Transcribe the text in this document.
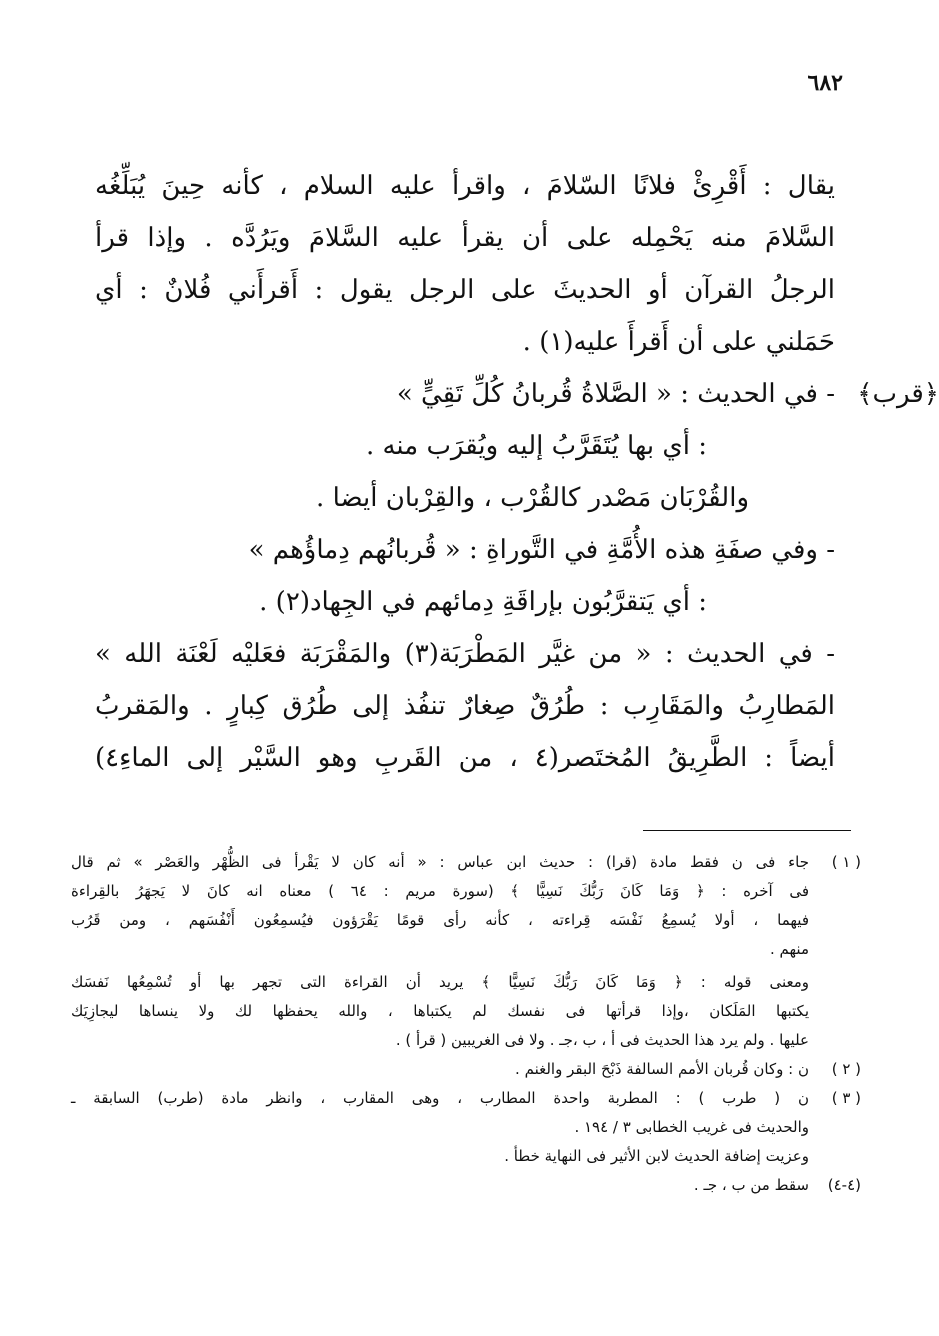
٦٨٢
يقال : أَقْرِئْ فلانًا السّلامَ ، واقرأ عليه السلام ، كأنه حِينَ يُبَلِّغُه
السَّلامَ منه يَحْمِله على أن يقرأ عليه السَّلامَ ويَرُدَّه . وإذا قرأ
الرجلُ القرآن أو الحديثَ على الرجل يقول : أَقرأَني فُلانٌ : أي
حَمَلني على أن أَقرأَ عليه(١) .
﴿قرب﴾
- في الحديث : « الصَّلاةُ قُربانُ كُلِّ تَقِيٍّ »
: أي بها يُتَقَرَّبُ إليه ويُقرَب منه .
والقُرْبَان مَصْدر كالقُرْب ، والقِرْبان أيضا .
- وفي صفَةِ هذه الأُمَّةِ في التَّوراةِ : « قُربانُهم دِماؤُهم »
: أي يَتقرَّبُون بإراقَةِ دِمائهم في الجِهاد(٢) .
- في الحديث : « من غيَّر المَطْرَبَة(٣) والمَقْرَبَة فعَليْه لَعْنَة الله »
المَطارِبُ والمَقَارِب : طُرُقٌ صِغارٌ تنفُذ إلى طُرُق كِبارٍ . والمَقربُ
أيضاً : الطَّرِيقُ المُختَصر(٤ ، من القَربِ وهو السَّيْر إلى الماءِ٤)
( ١ )
جاء فى ن فقط مادة (قرا) : حديث ابن عباس : « أنه كان لا يَقْرأ فى الظُّهْر والعَصْر » ثم قال
فى آخره : ﴿ وَمَا كَانَ رَبُّكَ نَسِيًّا ﴾ (سورة مريم : ٦٤ ) معناه انه كانَ لا يَجهَرُ بالقِراءة
فيهما ، أولا يُسمِعُ نَفْسَه قِراءته ، كأنه رأى قومًا يَقْرَؤون فيُسمِعُون أَنْفُسَهم ، ومن قَرُب
منهم .
ومعنى قوله : ﴿ وَمَا كَانَ رَبُّكَ نَسِيًّا ﴾ يريد أن القراءة التى تجهر بها أو تُسْمِعُها نَفسَك
يكتبها المَلَكان ،وإذا قرأتها فى نفسك لم يكتباها ، والله يحفظها لك ولا ينساها ليجازِيَك
عليها . ولم يرد هذا الحديث فى أ ، ب ،جـ . ولا فى الغريبين ( قرأ ) .
( ٢ )
ن : وكان قُربان الأمم السالفة ذَبْحَ البقر والغنم .
( ٣ )
ن ( طرب ) : المطربة واحدة المطارب ، وهى المقارب ، وانظر مادة (طرب) السابقة ـ
والحديث فى غريب الخطابى ٣ / ١٩٤ .
وعزيت إضافة الحديث لابن الأثير فى النهاية خطأ .
(٤-٤)
سقط من ب ، جـ .
